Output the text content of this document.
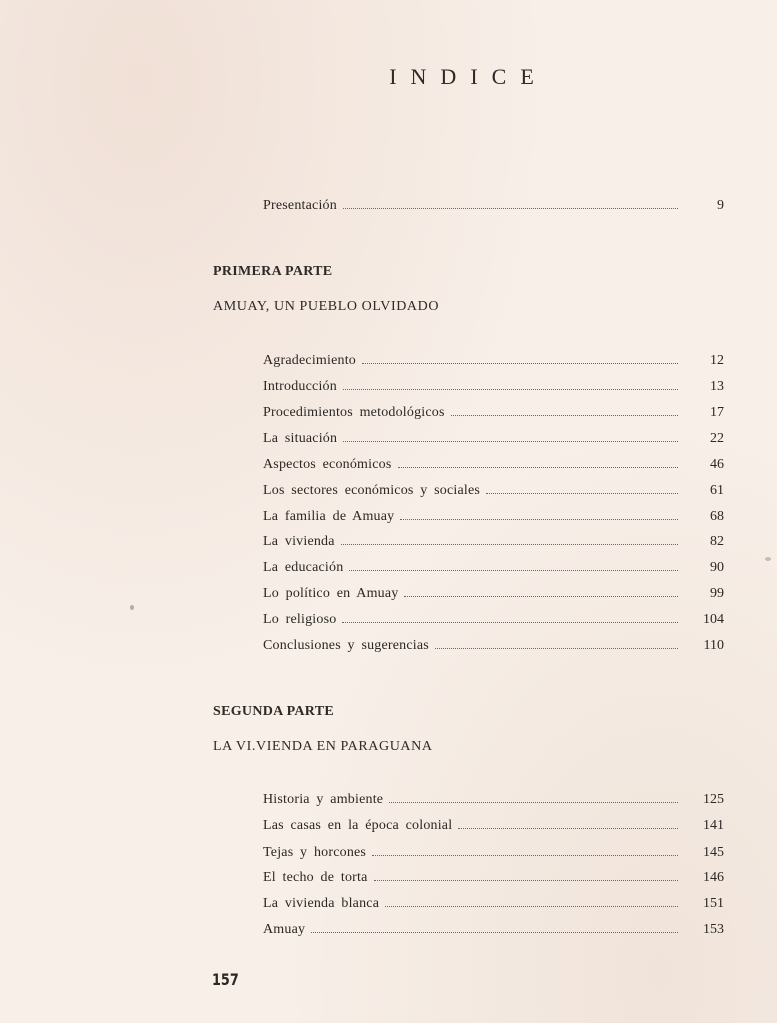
INDICE
Presentación	9
PRIMERA PARTE
AMUAY, UN PUEBLO OLVIDADO
Agradecimiento	12
Introducción	13
Procedimientos metodológicos	17
La situación	22
Aspectos económicos	46
Los sectores económicos y sociales	61
La familia de Amuay	68
La vivienda	82
La educación	90
Lo político en Amuay	99
Lo religioso	104
Conclusiones y sugerencias	110
SEGUNDA PARTE
LA VI.VIENDA EN PARAGUANA
Historia y ambiente	125
Las casas en la época colonial	141
Tejas y horcones	145
El techo de torta	146
La vivienda blanca	151
Amuay	153
157
